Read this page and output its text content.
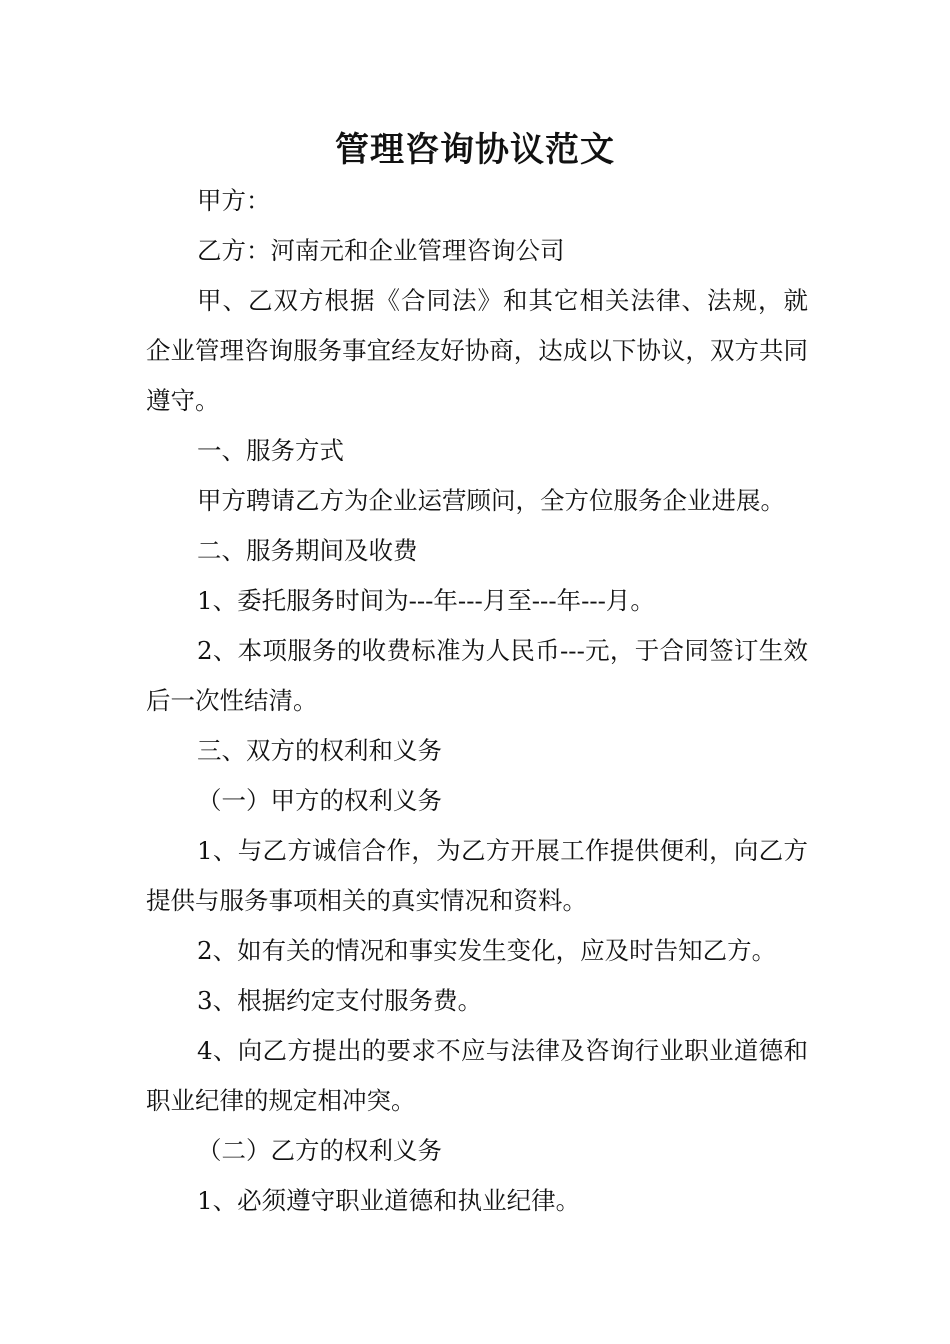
管理咨询协议范文

甲方：

乙方：河南元和企业管理咨询公司

甲、乙双方根据《合同法》和其它相关法律、法规，就企业管理咨询服务事宜经友好协商，达成以下协议，双方共同遵守。

一、服务方式

甲方聘请乙方为企业运营顾问，全方位服务企业进展。

二、服务期间及收费

1、委托服务时间为---年---月至---年---月。

2、本项服务的收费标准为人民币---元，于合同签订生效后一次性结清。

三、双方的权利和义务

（一）甲方的权利义务

1、与乙方诚信合作，为乙方开展工作提供便利，向乙方提供与服务事项相关的真实情况和资料。

2、如有关的情况和事实发生变化，应及时告知乙方。

3、根据约定支付服务费。

4、向乙方提出的要求不应与法律及咨询行业职业道德和职业纪律的规定相冲突。

（二）乙方的权利义务

1、必须遵守职业道德和执业纪律。
